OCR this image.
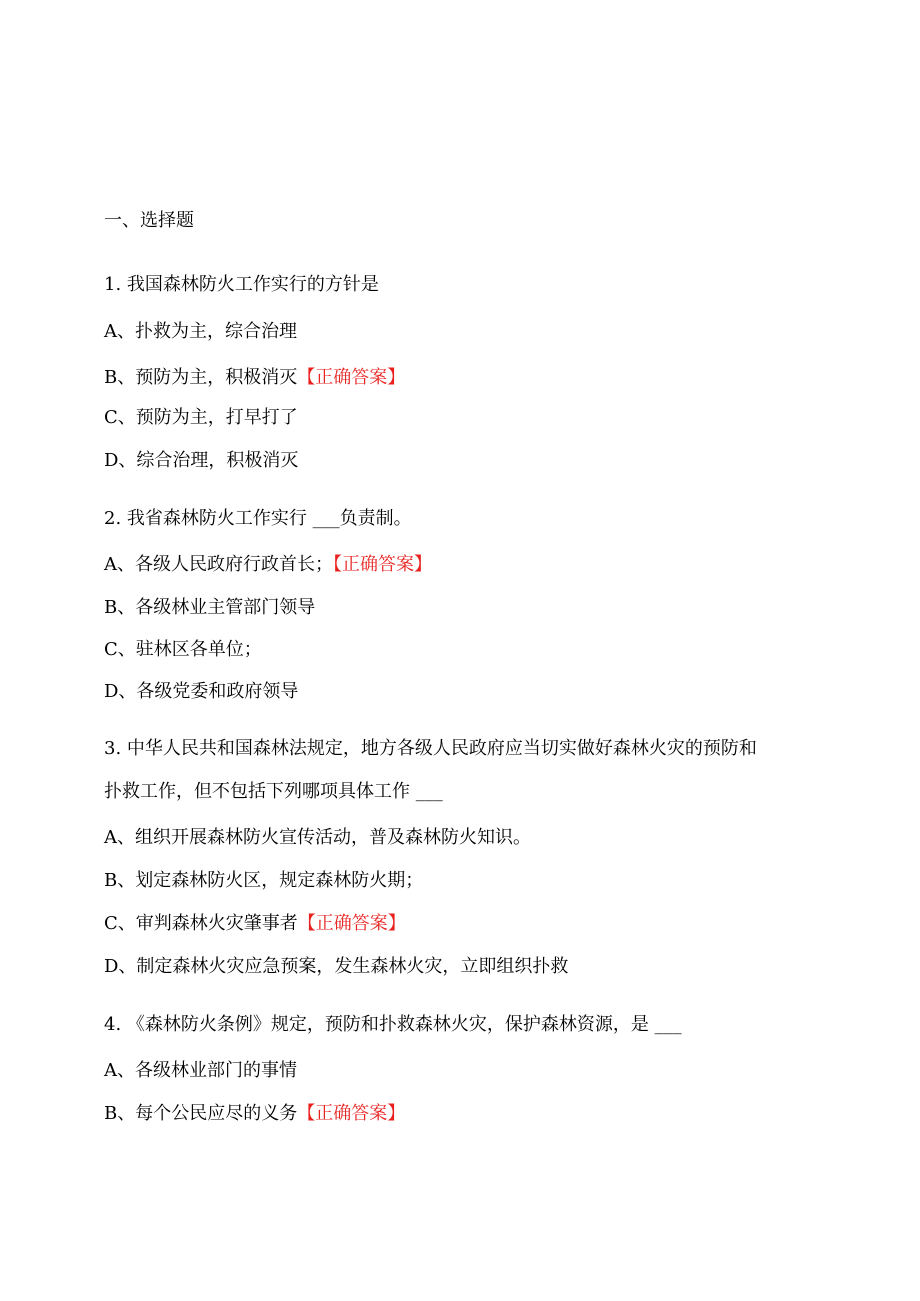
一、选择题
1. 我国森林防火工作实行的方针是
A、扑救为主，综合治理
B、预防为主，积极消灭【正确答案】
C、预防为主，打早打了
D、综合治理，积极消灭
2. 我省森林防火工作实行 ___负责制。
A、各级人民政府行政首长；【正确答案】
B、各级林业主管部门领导
C、驻林区各单位；
D、各级党委和政府领导
3. 中华人民共和国森林法规定，地方各级人民政府应当切实做好森林火灾的预防和
扑救工作，但不包括下列哪项具体工作 ___
A、组织开展森林防火宣传活动，普及森林防火知识。
B、划定森林防火区，规定森林防火期；
C、审判森林火灾肇事者【正确答案】
D、制定森林火灾应急预案，发生森林火灾，立即组织扑救
4. 《森林防火条例》规定，预防和扑救森林火灾，保护森林资源，是 ___
A、各级林业部门的事情
B、每个公民应尽的义务【正确答案】
